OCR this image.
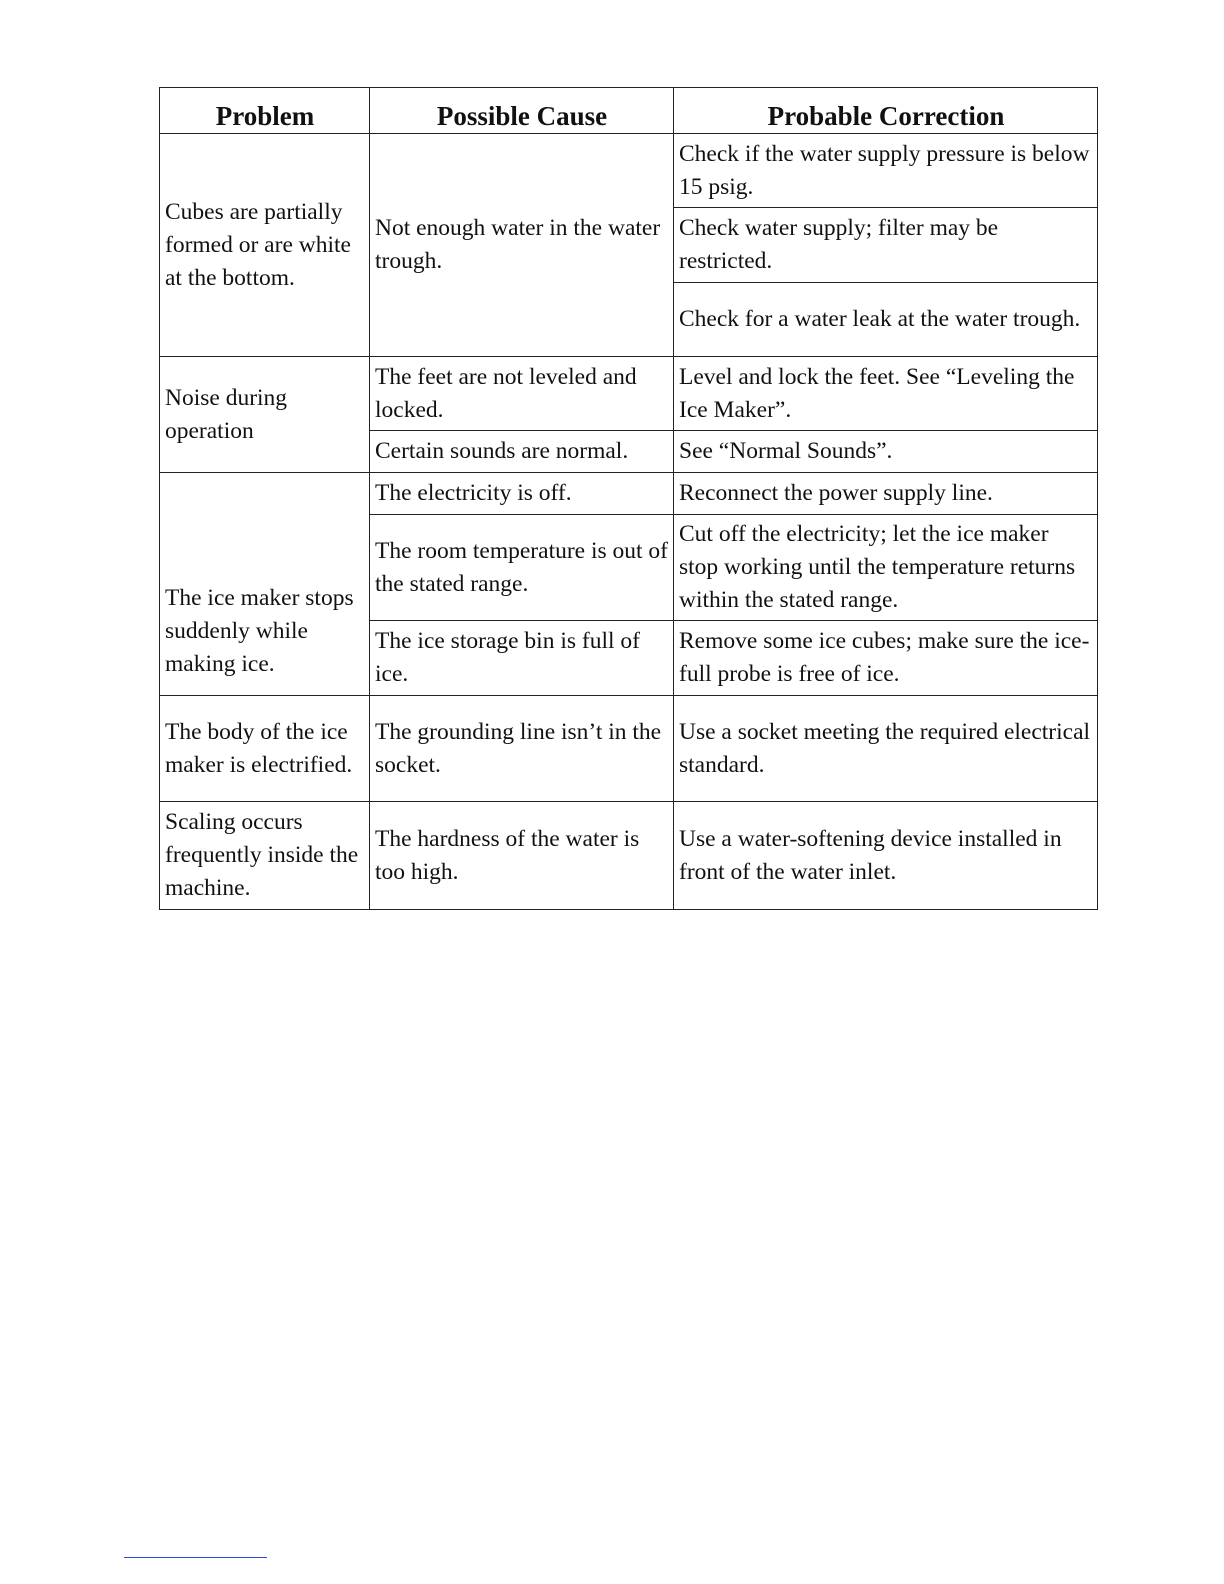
Problem	Possible Cause	Probable Correction
Cubes are partially formed or are white at the bottom.	Not enough water in the water trough.	Check if the water supply pressure is below 15 psig.
		Check water supply; filter may be restricted.
		Check for a water leak at the water trough.
Noise during operation	The feet are not leveled and locked.	Level and lock the feet. See “Leveling the Ice Maker”.
	Certain sounds are normal.	See “Normal Sounds”.
The ice maker stops suddenly while making ice.	The electricity is off.	Reconnect the power supply line.
	The room temperature is out of the stated range.	Cut off the electricity; let the ice maker stop working until the temperature returns within the stated range.
	The ice storage bin is full of ice.	Remove some ice cubes; make sure the ice-full probe is free of ice.
The body of the ice maker is electrified.	The grounding line isn’t in the socket.	Use a socket meeting the required electrical standard.
Scaling occurs frequently inside the machine.	The hardness of the water is too high.	Use a water-softening device installed in front of the water inlet.
